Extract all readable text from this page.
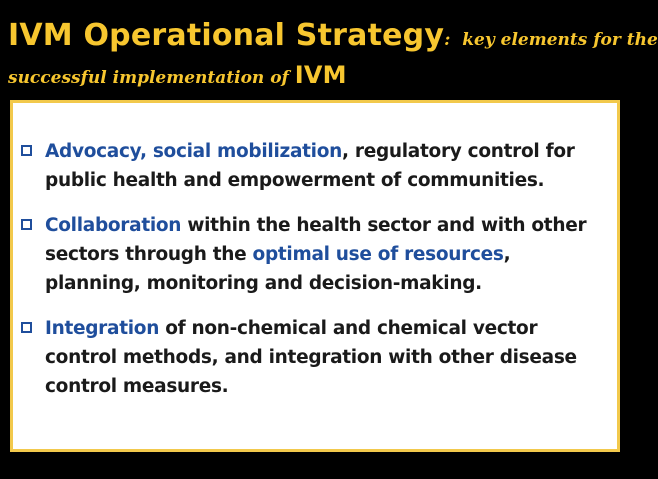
IVM Operational Strategy: key elements for the
successful implementation of IVM
Advocacy, social mobilization, regulatory control for public health and empowerment of communities.
Collaboration within the health sector and with other sectors through the optimal use of resources, planning, monitoring and decision-making.
Integration of non-chemical and chemical vector control methods, and integration with other disease control measures.
